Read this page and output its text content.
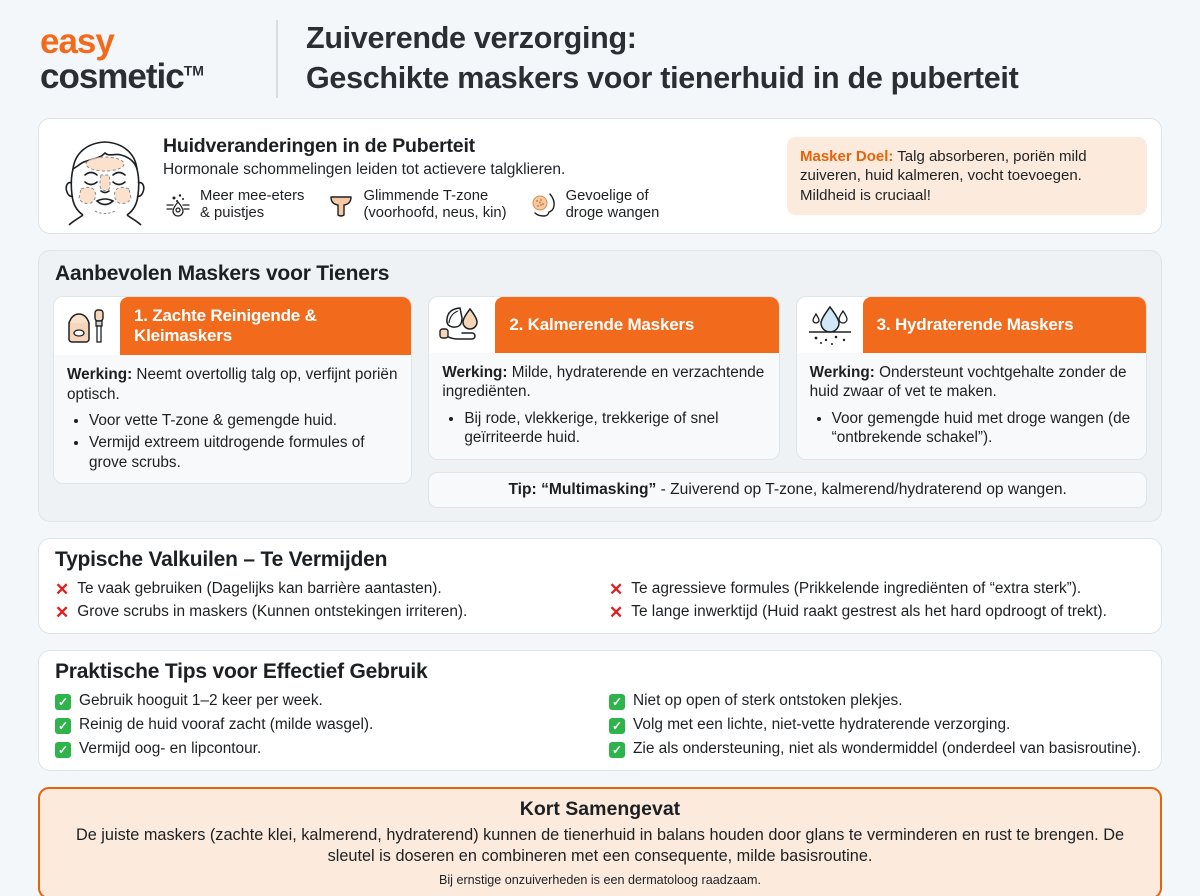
easy
cosmetic™
Zuiverende verzorging:
Geschikte maskers voor tienerhuid in de puberteit
Huidveranderingen in de Puberteit
Hormonale schommelingen leiden tot actievere talgklieren.
Meer mee-eters
& puistjes
Glimmende T-zone
(voorhoofd, neus, kin)
Gevoelige of
droge wangen
Masker Doel: Talg absorberen, poriën mild zuiveren, huid kalmeren, vocht toevoegen. Mildheid is cruciaal!
Aanbevolen Maskers voor Tieners
1. Zachte Reinigende & Kleimaskers
Werking: Neemt overtollig talg op, verfijnt poriën optisch.
• Voor vette T-zone & gemengde huid.
• Vermijd extreem uitdrogende formules of grove scrubs.
2. Kalmerende Maskers
Werking: Milde, hydraterende en verzachtende ingrediënten.
• Bij rode, vlekkerige, trekkerige of snel geïrriteerde huid.
3. Hydraterende Maskers
Werking: Ondersteunt vochtgehalte zonder de huid zwaar of vet te maken.
• Voor gemengde huid met droge wangen (de “ontbrekende schakel”).
Tip: “Multimasking” - Zuiverend op T-zone, kalmerend/hydraterend op wangen.
Typische Valkuilen – Te Vermijden
✕ Te vaak gebruiken (Dagelijks kan barrière aantasten).
✕ Grove scrubs in maskers (Kunnen ontstekingen irriteren).
✕ Te agressieve formules (Prikkelende ingrediënten of “extra sterk”).
✕ Te lange inwerktijd (Huid raakt gestrest als het hard opdroogt of trekt).
Praktische Tips voor Effectief Gebruik
✓ Gebruik hooguit 1–2 keer per week.
✓ Reinig de huid vooraf zacht (milde wasgel).
✓ Vermijd oog- en lipcontour.
✓ Niet op open of sterk ontstoken plekjes.
✓ Volg met een lichte, niet-vette hydraterende verzorging.
✓ Zie als ondersteuning, niet als wondermiddel (onderdeel van basisroutine).
Kort Samengevat
De juiste maskers (zachte klei, kalmerend, hydraterend) kunnen de tienerhuid in balans houden door glans te verminderen en rust te brengen. De sleutel is doseren en combineren met een consequente, milde basisroutine.
Bij ernstige onzuiverheden is een dermatoloog raadzaam.
